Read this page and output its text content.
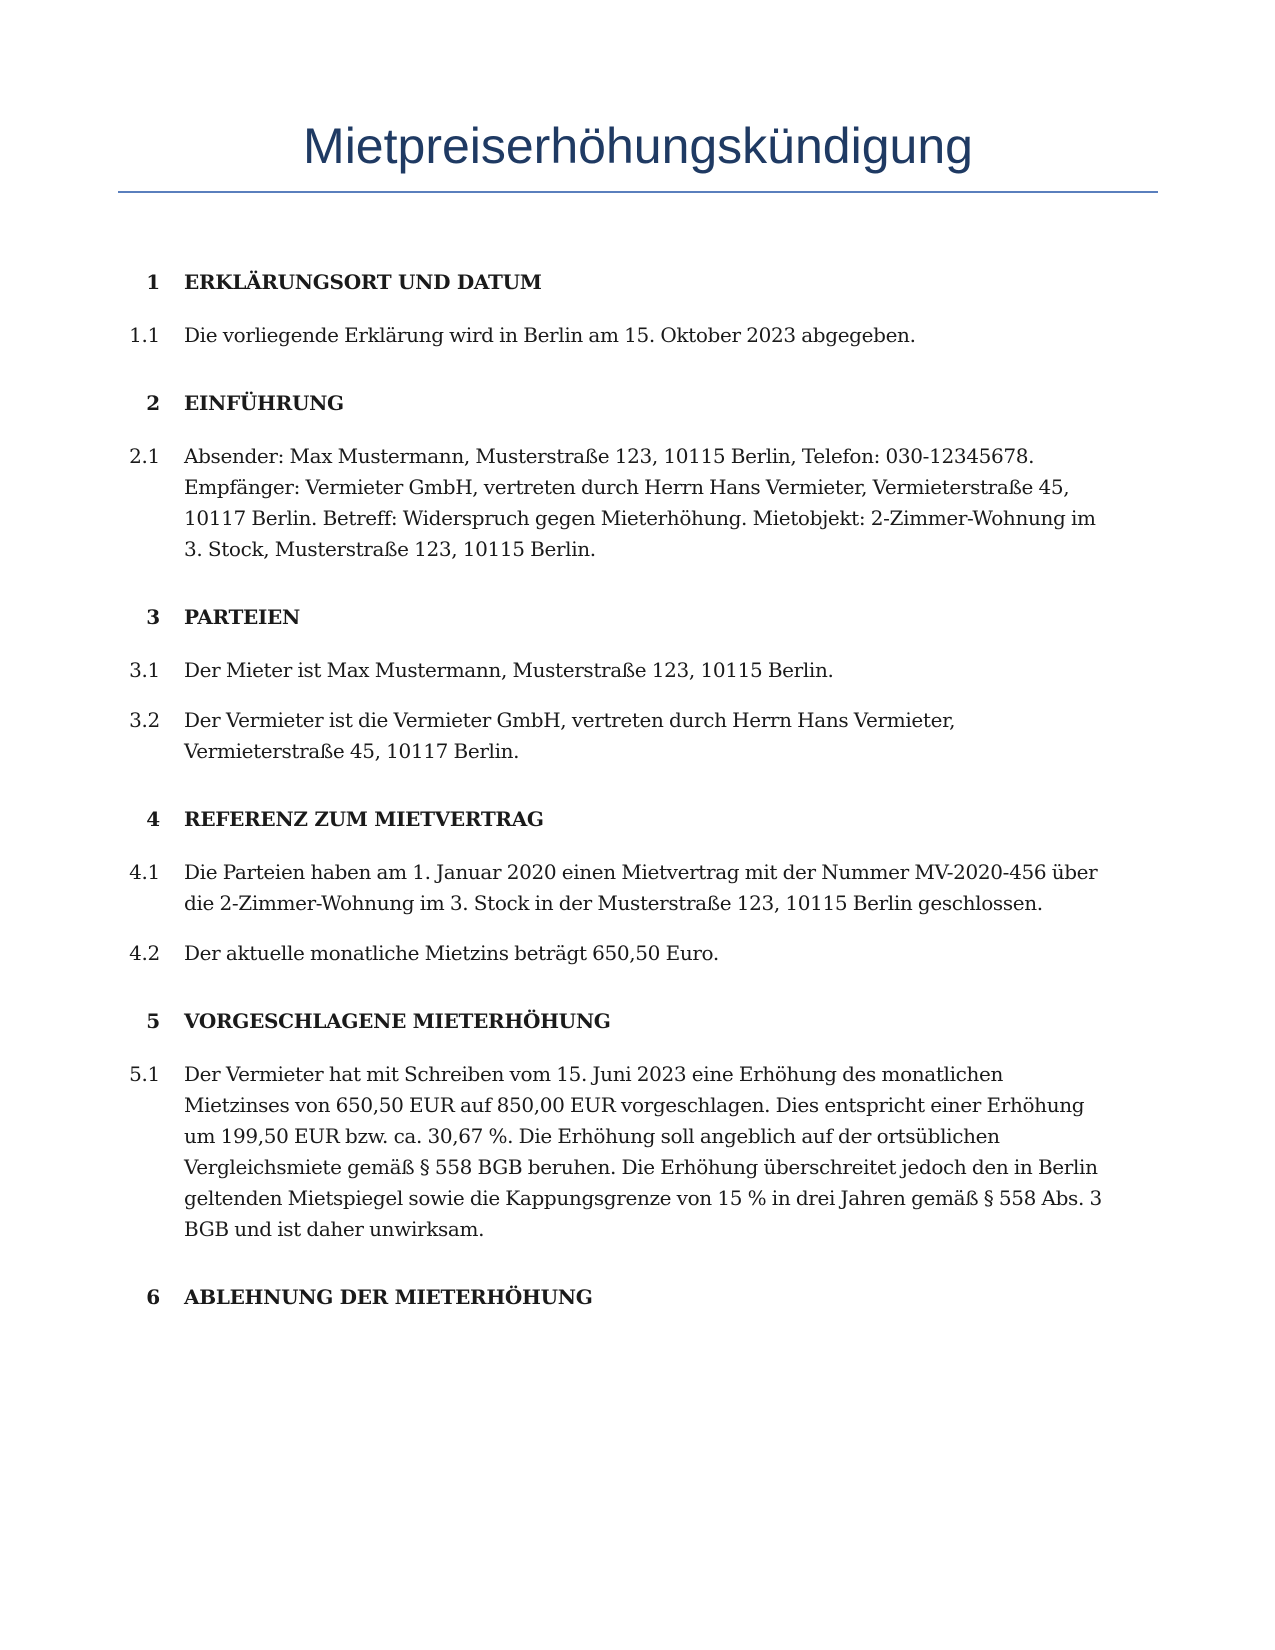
Mietpreiserhöhungskündigung
1	ERKLÄRUNGSORT UND DATUM
1.1	Die vorliegende Erklärung wird in Berlin am 15. Oktober 2023 abgegeben.
2	EINFÜHRUNG
2.1	Absender: Max Mustermann, Musterstraße 123, 10115 Berlin, Telefon: 030-12345678. Empfänger: Vermieter GmbH, vertreten durch Herrn Hans Vermieter, Vermieterstraße 45, 10117 Berlin. Betreff: Widerspruch gegen Mieterhöhung. Mietobjekt: 2-Zimmer-Wohnung im 3. Stock, Musterstraße 123, 10115 Berlin.
3	PARTEIEN
3.1	Der Mieter ist Max Mustermann, Musterstraße 123, 10115 Berlin.
3.2	Der Vermieter ist die Vermieter GmbH, vertreten durch Herrn Hans Vermieter, Vermieterstraße 45, 10117 Berlin.
4	REFERENZ ZUM MIETVERTRAG
4.1	Die Parteien haben am 1. Januar 2020 einen Mietvertrag mit der Nummer MV-2020-456 über die 2-Zimmer-Wohnung im 3. Stock in der Musterstraße 123, 10115 Berlin geschlossen.
4.2	Der aktuelle monatliche Mietzins beträgt 650,50 Euro.
5	VORGESCHLAGENE MIETERHÖHUNG
5.1	Der Vermieter hat mit Schreiben vom 15. Juni 2023 eine Erhöhung des monatlichen Mietzinses von 650,50 EUR auf 850,00 EUR vorgeschlagen. Dies entspricht einer Erhöhung um 199,50 EUR bzw. ca. 30,67 %. Die Erhöhung soll angeblich auf der ortsüblichen Vergleichsmiete gemäß § 558 BGB beruhen. Die Erhöhung überschreitet jedoch den in Berlin geltenden Mietspiegel sowie die Kappungsgrenze von 15 % in drei Jahren gemäß § 558 Abs. 3 BGB und ist daher unwirksam.
6	ABLEHNUNG DER MIETERHÖHUNG
